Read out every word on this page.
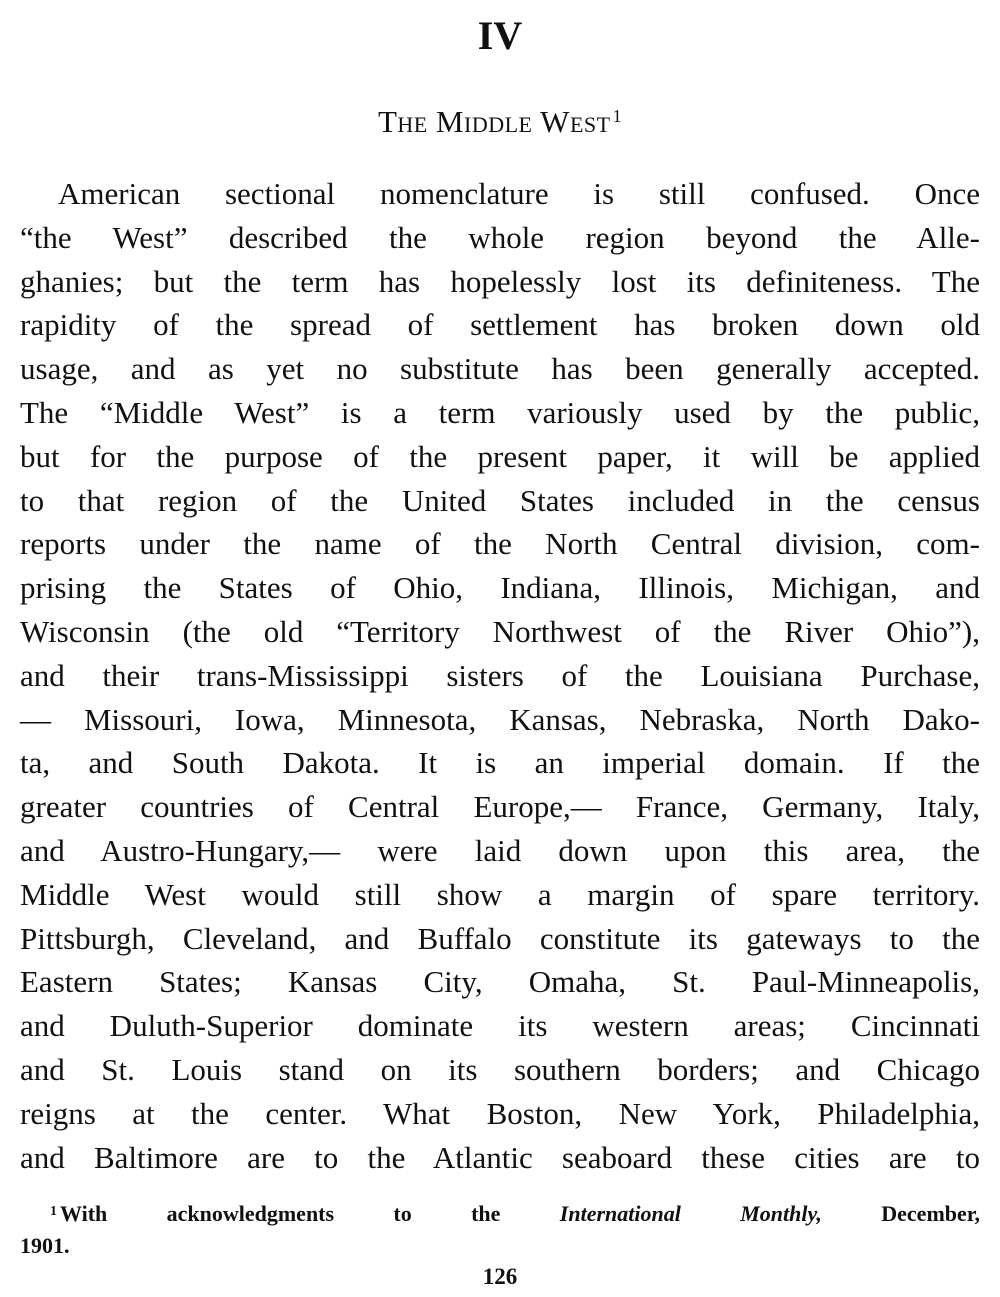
IV
The Middle West $^1$
American sectional nomenclature is still confused. Once
“the West” described the whole region beyond the Alle-
ghanies; but the term has hopelessly lost its definiteness. The
rapidity of the spread of settlement has broken down old
usage, and as yet no substitute has been generally accepted.
The “Middle West” is a term variously used by the public,
but for the purpose of the present paper, it will be applied
to that region of the United States included in the census
reports under the name of the North Central division, com-
prising the States of Ohio, Indiana, Illinois, Michigan, and
Wisconsin (the old “Territory Northwest of the River Ohio”),
and their trans-Mississippi sisters of the Louisiana Purchase,
— Missouri, Iowa, Minnesota, Kansas, Nebraska, North Dako-
ta, and South Dakota. It is an imperial domain. If the
greater countries of Central Europe,— France, Germany, Italy,
and Austro-Hungary,— were laid down upon this area, the
Middle West would still show a margin of spare territory.
Pittsburgh, Cleveland, and Buffalo constitute its gateways to the
Eastern States; Kansas City, Omaha, St. Paul-Minneapolis,
and Duluth-Superior dominate its western areas; Cincinnati
and St. Louis stand on its southern borders; and Chicago
reigns at the center. What Boston, New York, Philadelphia,
and Baltimore are to the Atlantic seaboard these cities are to
$^1$ With acknowledgments to the	International Monthly,	December,
1901.
126
